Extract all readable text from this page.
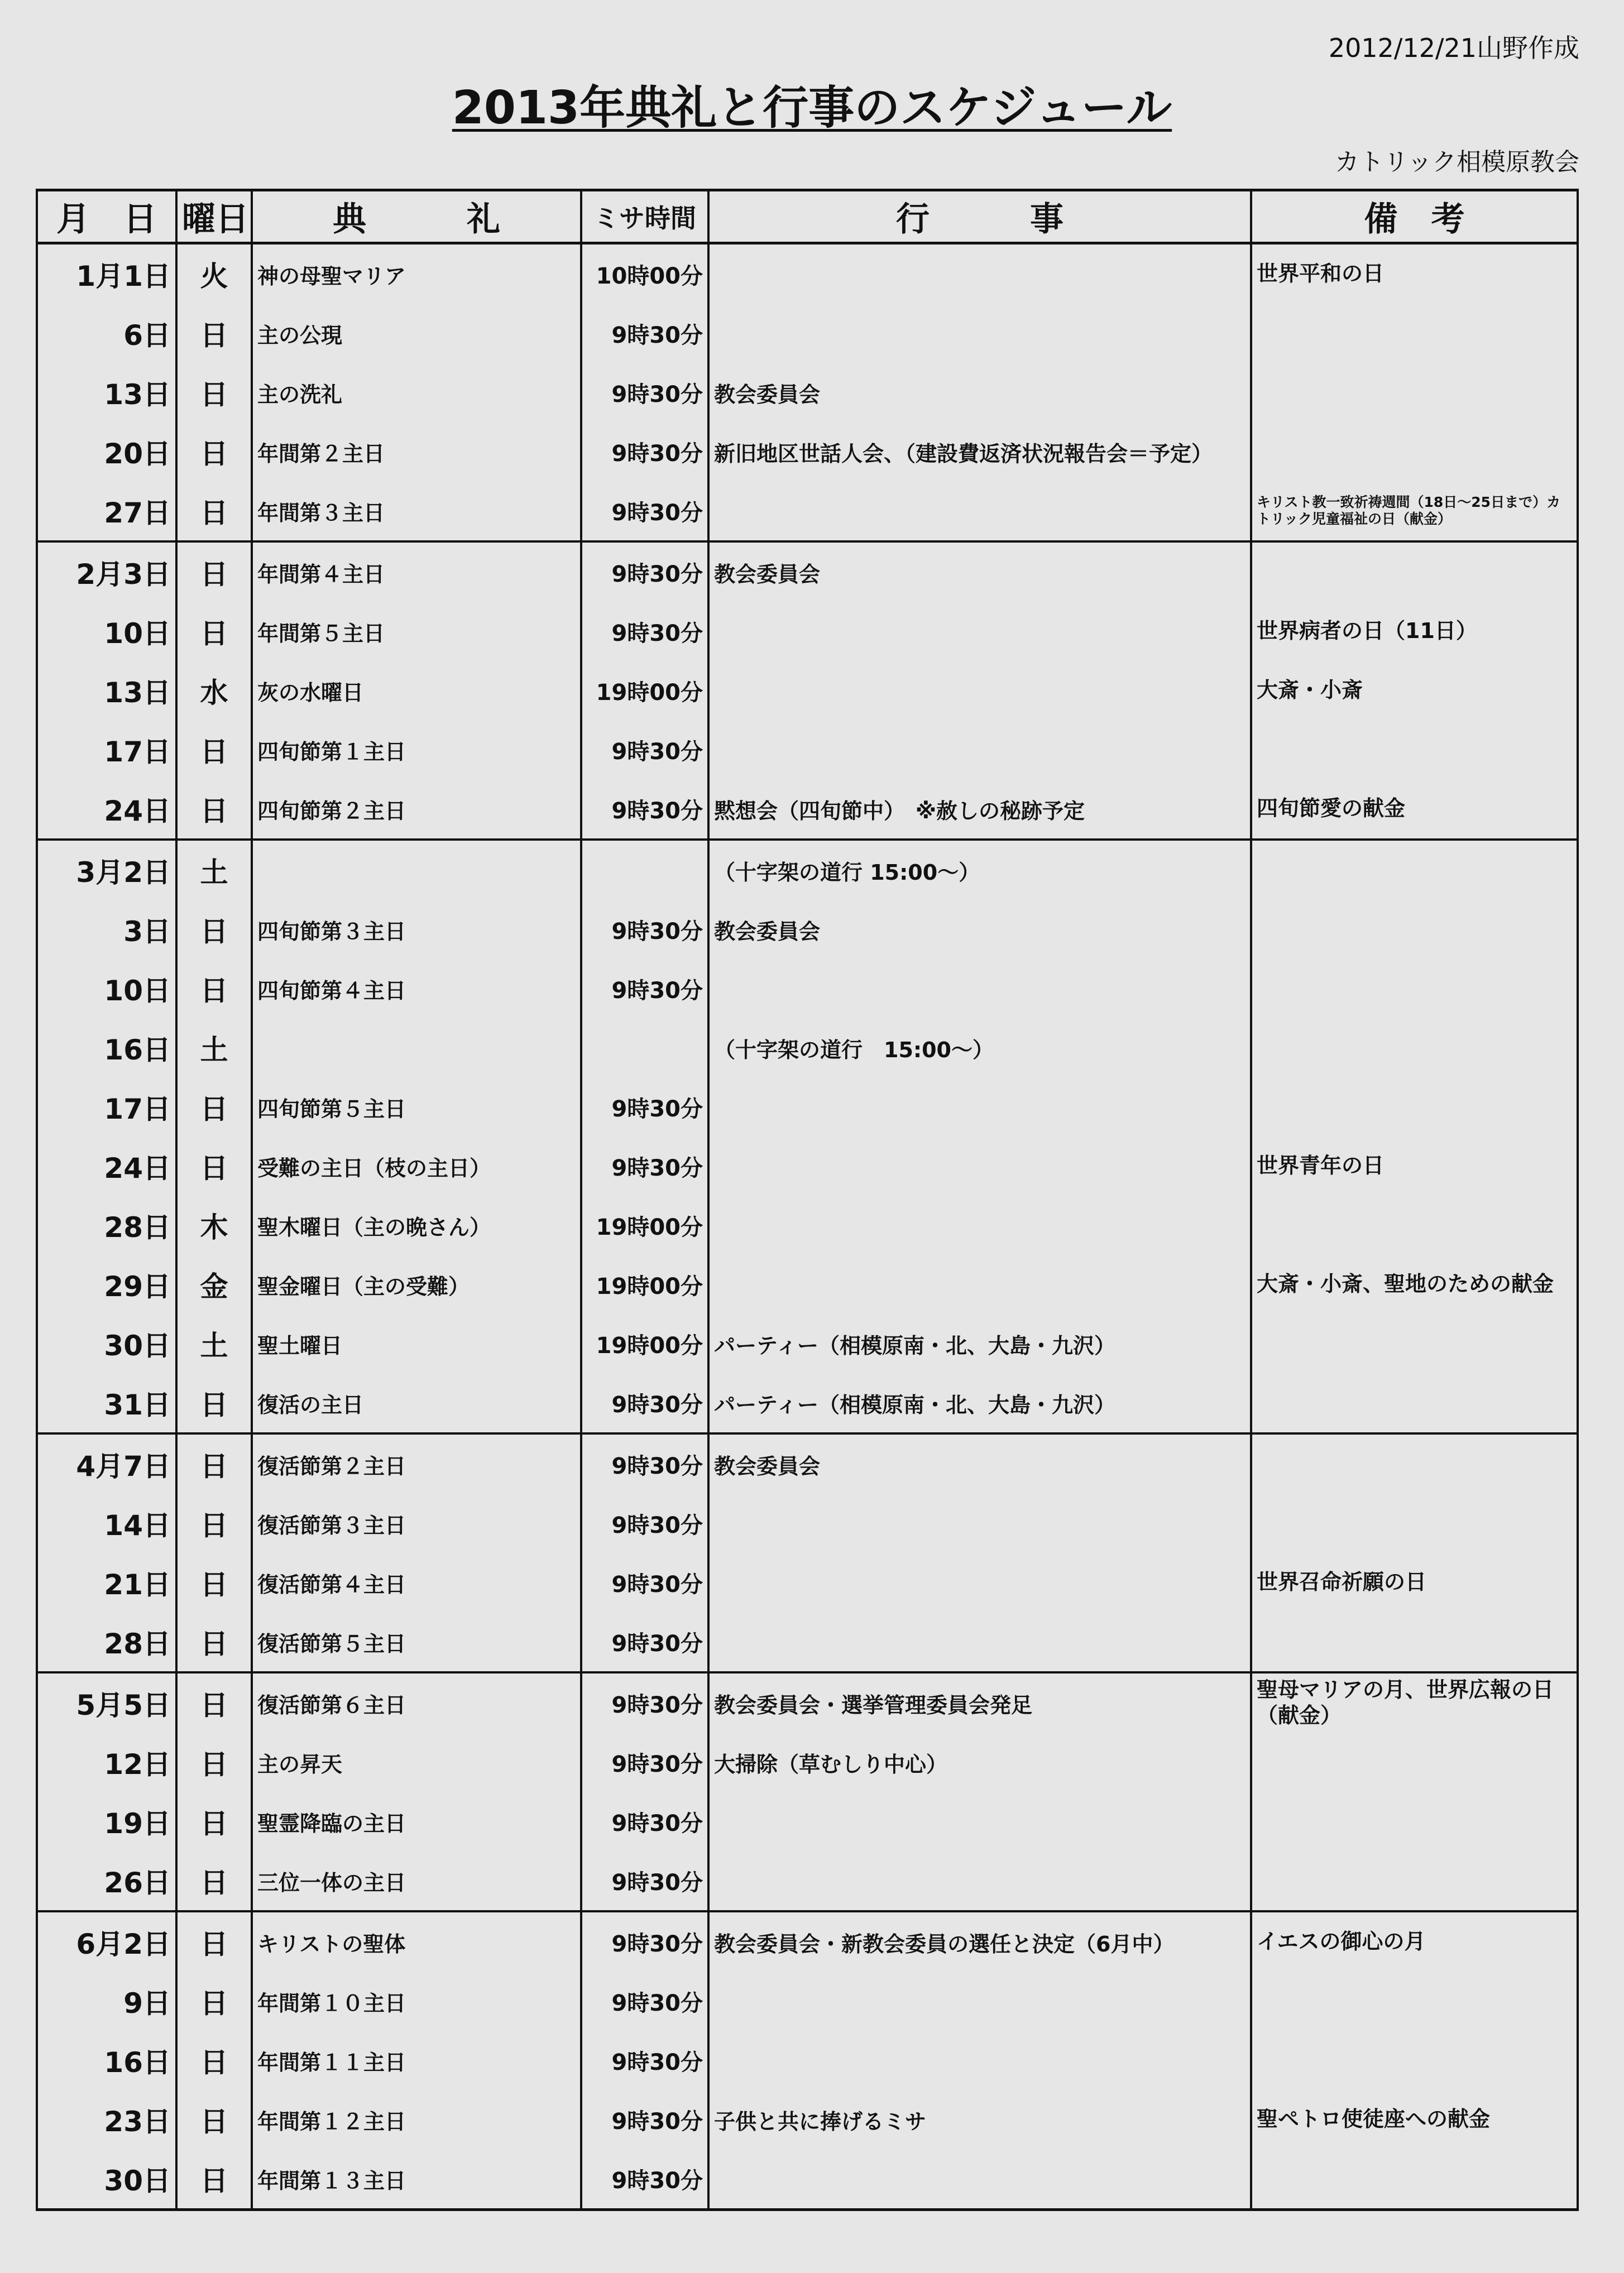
2012/12/21山野作成
2013年典礼と行事のスケジュール
カトリック相模原教会
月　日	曜日	典　　　礼	ミサ時間	行　　　事	備　考
1月1日	火	神の母聖マリア	10時00分		世界平和の日
6日	日	主の公現	9時30分		
13日	日	主の洗礼	9時30分	教会委員会	
20日	日	年間第２主日	9時30分	新旧地区世話人会、（建設費返済状況報告会＝予定）	
27日	日	年間第３主日	9時30分		キリスト教一致祈祷週間（18日～25日まで）カトリック児童福祉の日（献金）
2月3日	日	年間第４主日	9時30分	教会委員会	
10日	日	年間第５主日	9時30分		世界病者の日（11日）
13日	水	灰の水曜日	19時00分		大斎・小斎
17日	日	四旬節第１主日	9時30分		
24日	日	四旬節第２主日	9時30分	黙想会（四旬節中）　※赦しの秘跡予定	四旬節愛の献金
3月2日	土			（十字架の道行 15:00～）	
3日	日	四旬節第３主日	9時30分	教会委員会	
10日	日	四旬節第４主日	9時30分		
16日	土			（十字架の道行　15:00～）	
17日	日	四旬節第５主日	9時30分		
24日	日	受難の主日（枝の主日）	9時30分		世界青年の日
28日	木	聖木曜日（主の晩さん）	19時00分		
29日	金	聖金曜日（主の受難）	19時00分		大斎・小斎、聖地のための献金
30日	土	聖土曜日	19時00分	パーティー（相模原南・北、大島・九沢）	
31日	日	復活の主日	9時30分	パーティー（相模原南・北、大島・九沢）	
4月7日	日	復活節第２主日	9時30分	教会委員会	
14日	日	復活節第３主日	9時30分		
21日	日	復活節第４主日	9時30分		世界召命祈願の日
28日	日	復活節第５主日	9時30分		
5月5日	日	復活節第６主日	9時30分	教会委員会・選挙管理委員会発足	聖母マリアの月、世界広報の日（献金）
12日	日	主の昇天	9時30分	大掃除（草むしり中心）	
19日	日	聖霊降臨の主日	9時30分		
26日	日	三位一体の主日	9時30分		
6月2日	日	キリストの聖体	9時30分	教会委員会・新教会委員の選任と決定（6月中）	イエスの御心の月
9日	日	年間第１０主日	9時30分		
16日	日	年間第１１主日	9時30分		
23日	日	年間第１２主日	9時30分	子供と共に捧げるミサ	聖ペトロ使徒座への献金
30日	日	年間第１３主日	9時30分		
